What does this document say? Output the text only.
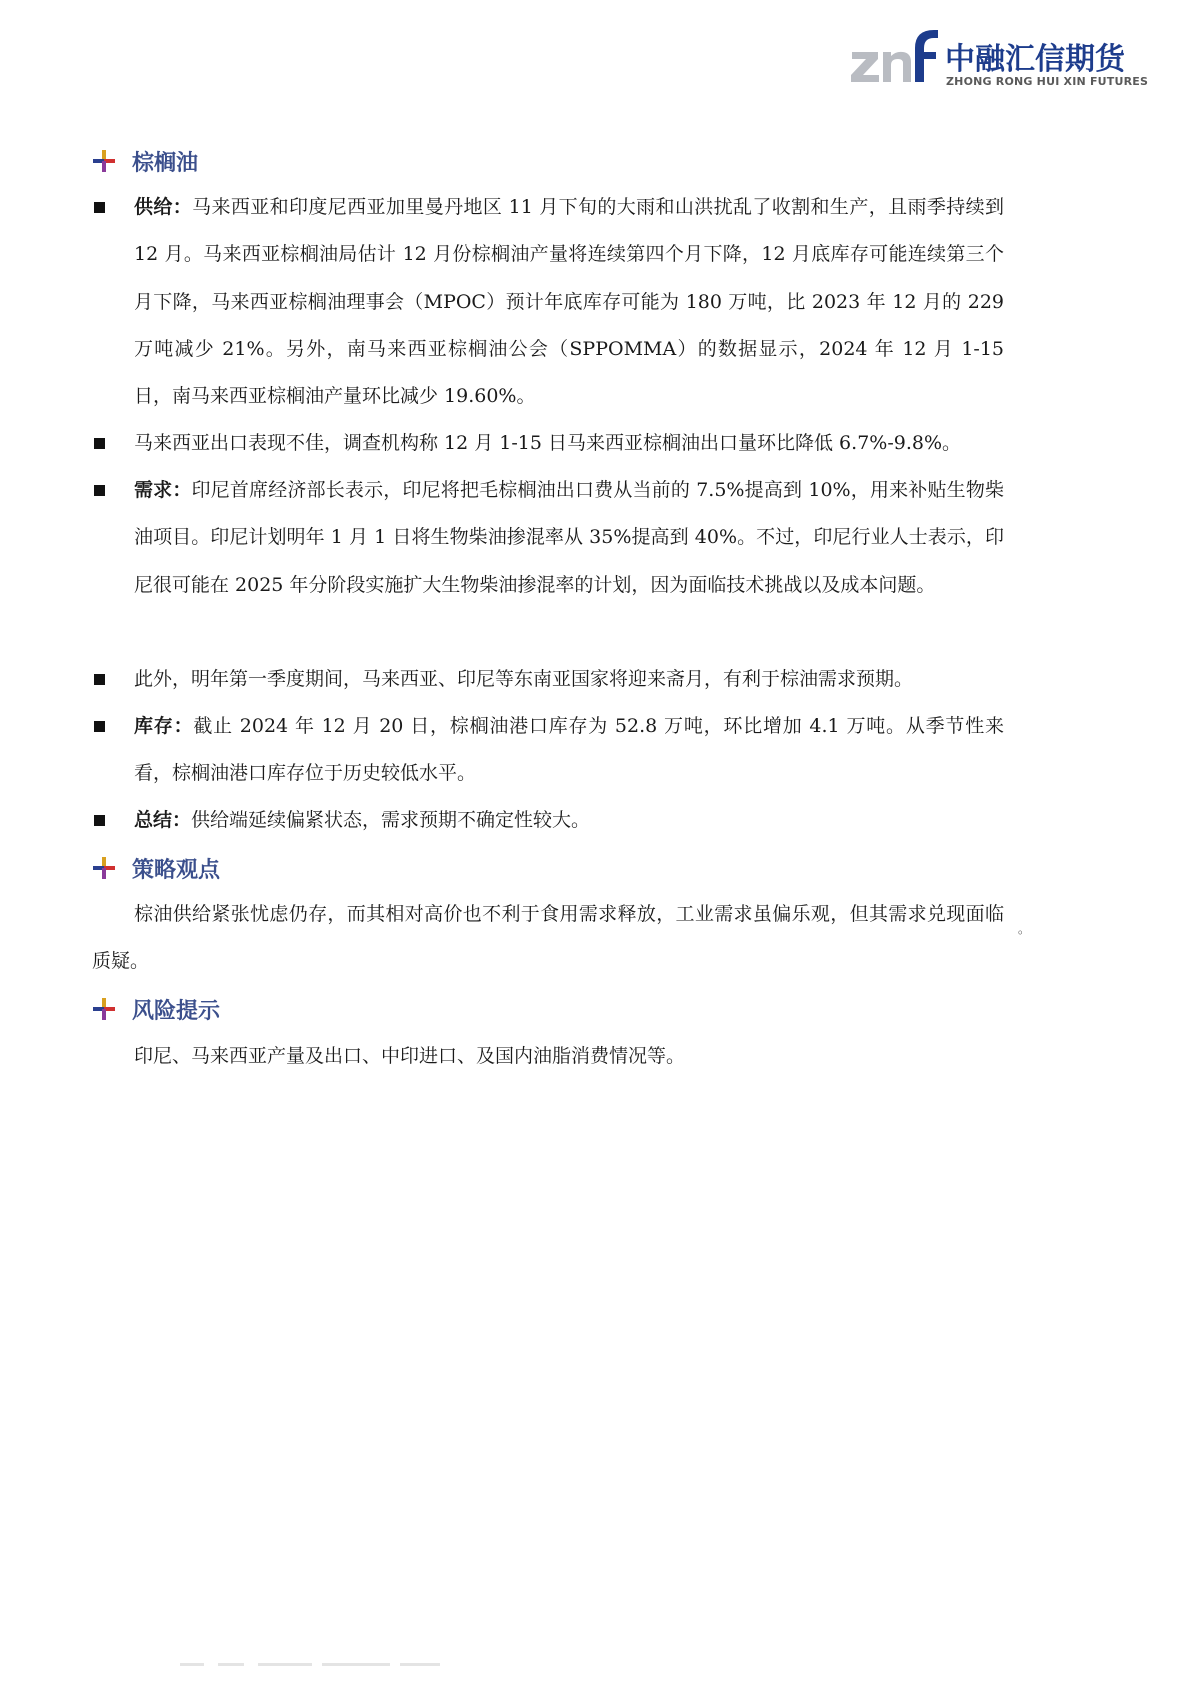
中融汇信期货
ZHONG RONG HUI XIN FUTURES
棕榈油
供给：马来西亚和印度尼西亚加里曼丹地区 11 月下旬的大雨和山洪扰乱了收割和生产，且雨季持续到 12 月。马来西亚棕榈油局估计 12 月份棕榈油产量将连续第四个月下降，12 月底库存可能连续第三个月下降，马来西亚棕榈油理事会（MPOC）预计年底库存可能为 180 万吨，比 2023 年 12 月的 229 万吨减少 21%。另外，南马来西亚棕榈油公会（SPPOMMA）的数据显示，2024 年 12 月 1-15 日，南马来西亚棕榈油产量环比减少 19.60%。
马来西亚出口表现不佳，调查机构称 12 月 1-15 日马来西亚棕榈油出口量环比降低 6.7%-9.8%。
需求：印尼首席经济部长表示，印尼将把毛棕榈油出口费从当前的 7.5%提高到 10%，用来补贴生物柴油项目。印尼计划明年 1 月 1 日将生物柴油掺混率从 35%提高到 40%。不过，印尼行业人士表示，印尼很可能在 2025 年分阶段实施扩大生物柴油掺混率的计划，因为面临技术挑战以及成本问题。
此外，明年第一季度期间，马来西亚、印尼等东南亚国家将迎来斋月，有利于棕油需求预期。
库存：截止 2024 年 12 月 20 日，棕榈油港口库存为 52.8 万吨，环比增加 4.1 万吨。从季节性来看，棕榈油港口库存位于历史较低水平。
总结：供给端延续偏紧状态，需求预期不确定性较大。
策略观点
棕油供给紧张忧虑仍存，而其相对高价也不利于食用需求释放，工业需求虽偏乐观，但其需求兑现面临质疑。
。
风险提示
印尼、马来西亚产量及出口、中印进口、及国内油脂消费情况等。
